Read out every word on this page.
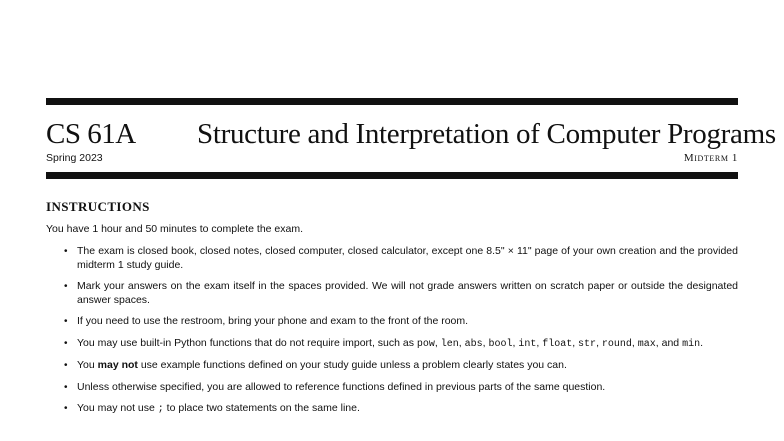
CS 61A Structure and Interpretation of Computer Programs
Spring 2023	Midterm 1
INSTRUCTIONS
You have 1 hour and 50 minutes to complete the exam.
• The exam is closed book, closed notes, closed computer, closed calculator, except one 8.5" × 11" page of your own creation and the provided midterm 1 study guide.
• Mark your answers on the exam itself in the spaces provided. We will not grade answers written on scratch paper or outside the designated answer spaces.
• If you need to use the restroom, bring your phone and exam to the front of the room.
• You may use built-in Python functions that do not require import, such as pow, len, abs, bool, int, float, str, round, max, and min.
• You may not use example functions defined on your study guide unless a problem clearly states you can.
• Unless otherwise specified, you are allowed to reference functions defined in previous parts of the same question.
• You may not use ; to place two statements on the same line.
